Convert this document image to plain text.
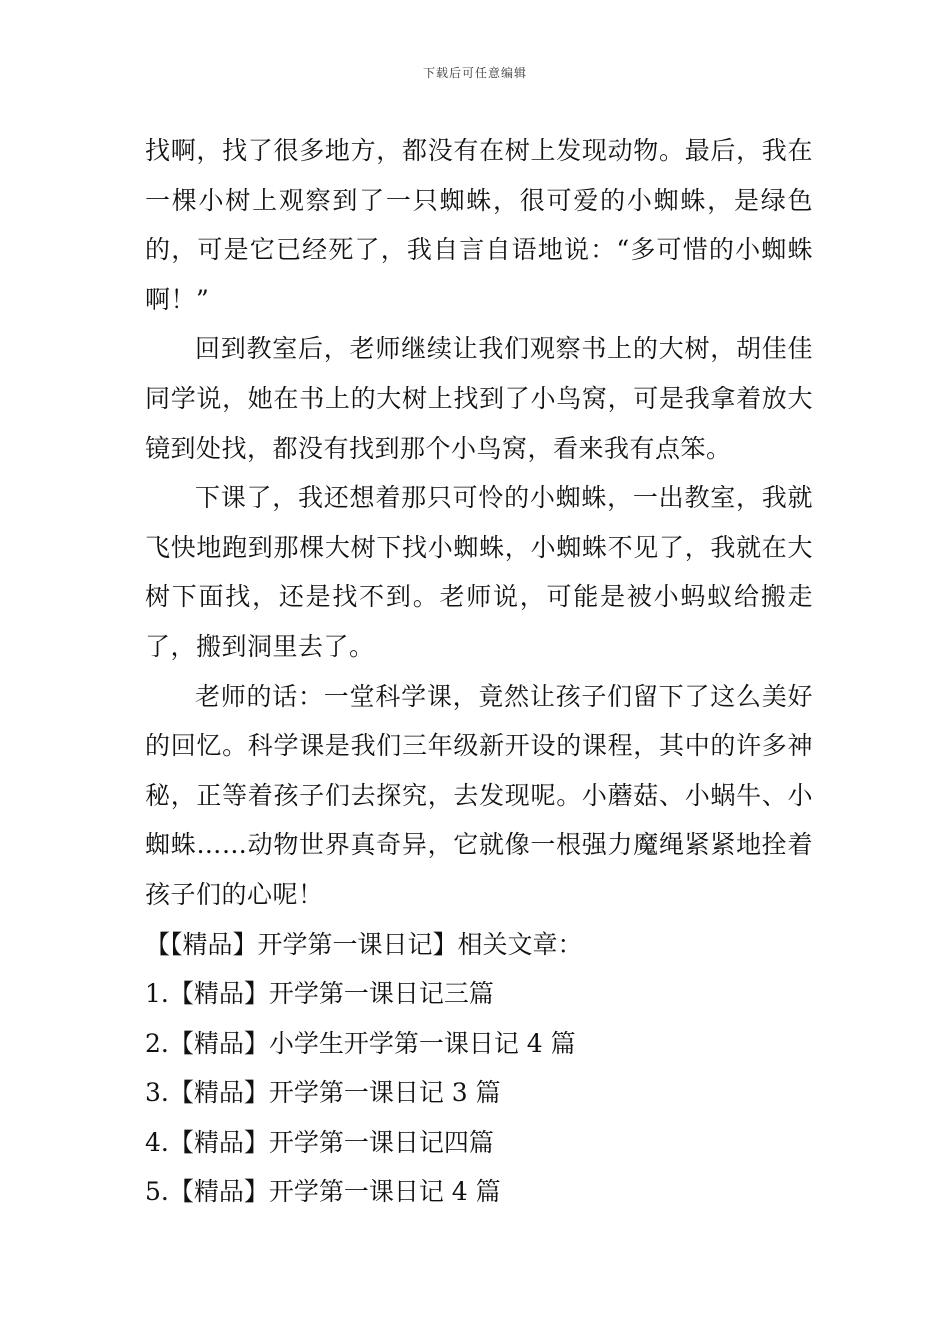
下载后可任意编辑

找啊，找了很多地方，都没有在树上发现动物。最后，我在一棵小树上观察到了一只蜘蛛，很可爱的小蜘蛛，是绿色的，可是它已经死了，我自言自语地说：“多可惜的小蜘蛛啊！”

回到教室后，老师继续让我们观察书上的大树，胡佳佳同学说，她在书上的大树上找到了小鸟窝，可是我拿着放大镜到处找，都没有找到那个小鸟窝，看来我有点笨。

下课了，我还想着那只可怜的小蜘蛛，一出教室，我就飞快地跑到那棵大树下找小蜘蛛，小蜘蛛不见了，我就在大树下面找，还是找不到。老师说，可能是被小蚂蚁给搬走了，搬到洞里去了。

老师的话：一堂科学课，竟然让孩子们留下了这么美好的回忆。科学课是我们三年级新开设的课程，其中的许多神秘，正等着孩子们去探究，去发现呢。小蘑菇、小蜗牛、小蜘蛛……动物世界真奇异，它就像一根强力魔绳紧紧地拴着孩子们的心呢！

【【精品】开学第一课日记】相关文章：

1.【精品】开学第一课日记三篇

2.【精品】小学生开学第一课日记 4 篇

3.【精品】开学第一课日记 3 篇

4.【精品】开学第一课日记四篇

5.【精品】开学第一课日记 4 篇
